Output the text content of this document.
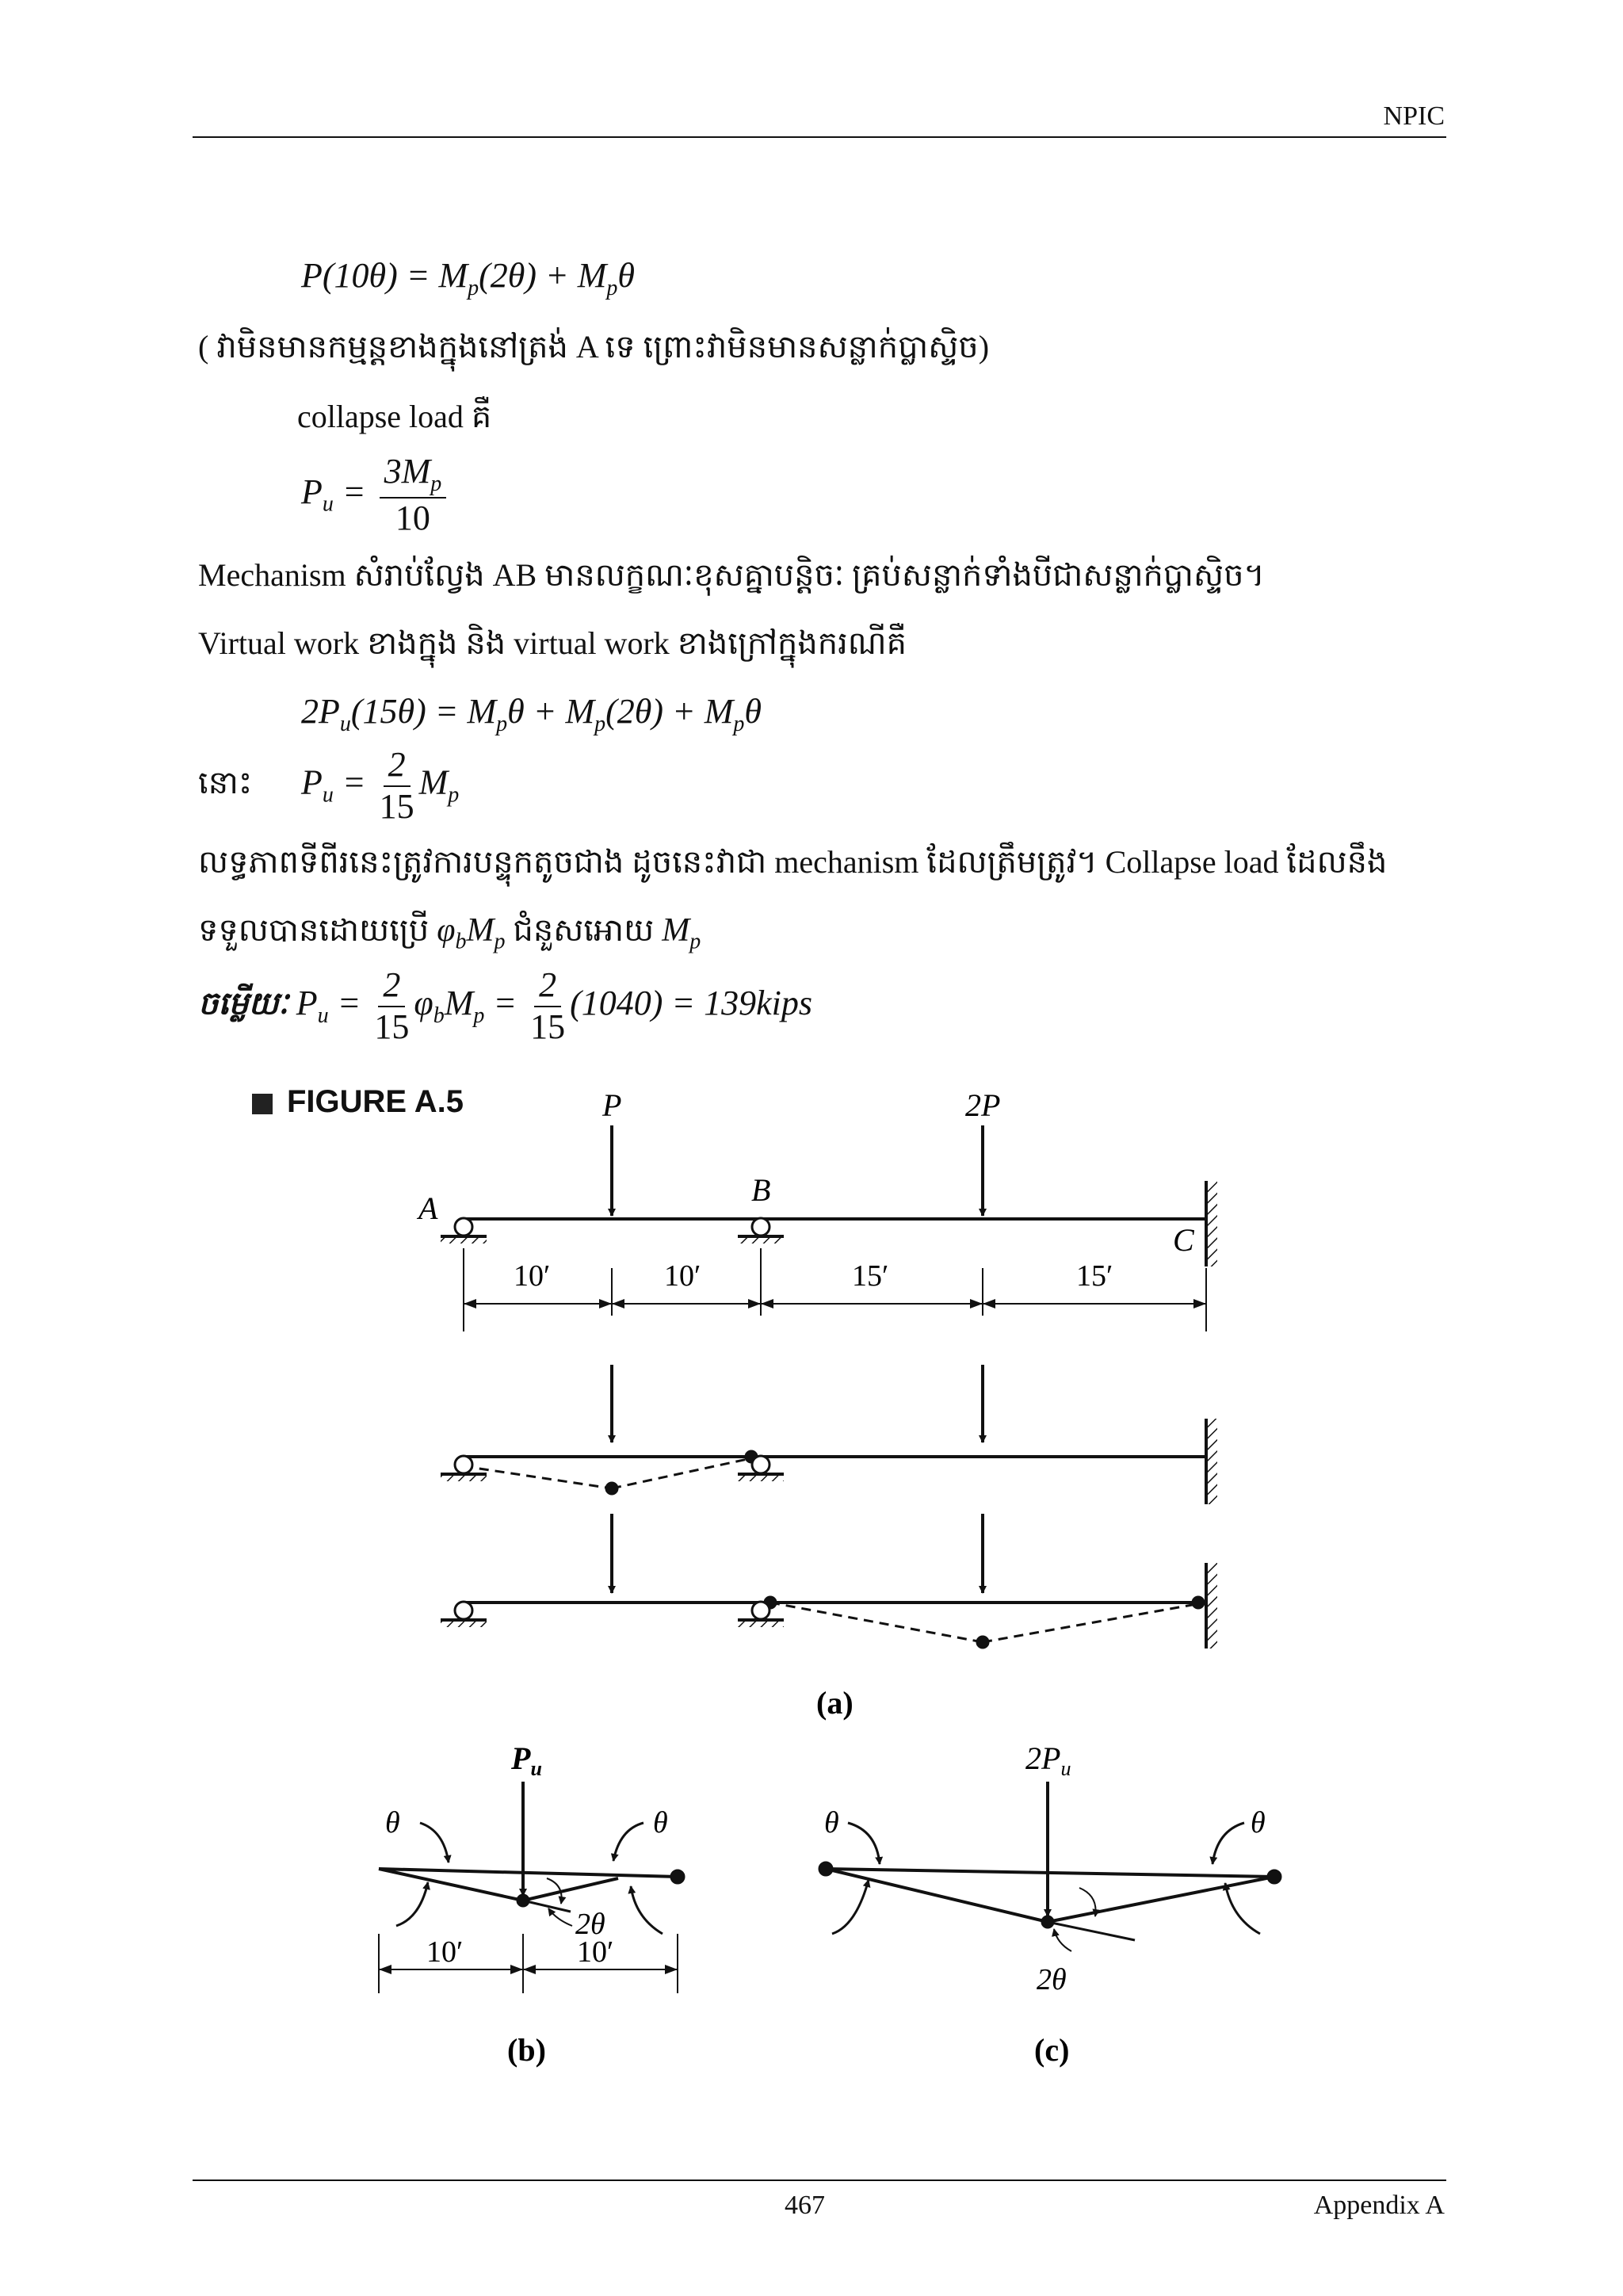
NPIC
$P(10\theta) = M_p(2\theta) + M_p\theta$
( វាមិនមានកម្មន្តខាងក្នុងនៅត្រង់ A ទេ ព្រោះវាមិនមានសន្លាក់ប្លាស្ទិច)
collapse load គឺ
$P_u = \frac{3M_p}{10}$
Mechanism សំរាប់ល្វែង AB មានលក្ខណៈខុសគ្នាបន្តិចៈ គ្រប់សន្លាក់ទាំងបីជាសន្លាក់ប្លាស្ទិច។
Virtual work ខាងក្នុង និង virtual work ខាងក្រៅក្នុងករណីគឺ
$2P_u(15\theta) = M_p\theta + M_p(2\theta) + M_p\theta$
នោះ $P_u = \frac{2}{15} M_p$
លទ្ធភាពទីពីរនេះត្រូវការបន្ទុកតូចជាង ដូចនេះវាជា mechanism ដែលត្រឹមត្រូវ។ Collapse load ដែលនឹង
ទទួលបានដោយប្រើ $\varphi_bM_p$ ជំនួសអោយ $M_p$
ចម្លើយៈ $P_u = \frac{2}{15} \varphi_bM_p = \frac{2}{15} (1040)$ = 139kips
FIGURE A.5	P	2P
A
B
C
10′	10′	15′	15′
(a)
$P_u$
θ	θ
2θ
10′	10′
(b)
$2P_u$
θ	θ
2θ
(c)
467	Appendix A
